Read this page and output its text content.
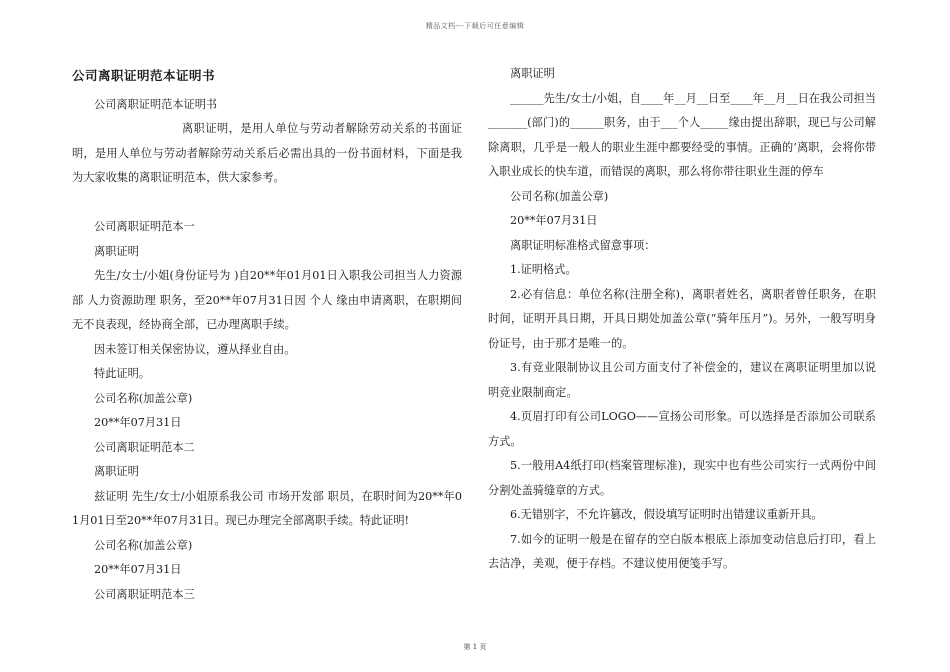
精品文档---下载后可任意编辑
公司离职证明范本证明书

公司离职证明范本证明书

离职证明，是用人单位与劳动者解除劳动关系的书面证明，是用人单位与劳动者解除劳动关系后必需出具的一份书面材料，下面是我为大家收集的离职证明范本，供大家参考。

公司离职证明范本一

离职证明

先生/女士/小姐(身份证号为 )自20**年01月01日入职我公司担当人力资源 部 人力资源助理 职务，至20**年07月31日因 个人 缘由申请离职，在职期间无不良表现，经协商全部，已办理离职手续。

因未签订相关保密协议，遵从择业自由。

特此证明。

公司名称(加盖公章)

20**年07月31日

公司离职证明范本二

离职证明

兹证明 先生/女士/小姐原系我公司 市场开发部 职员，在职时间为20**年01月01日至20**年07月31日。现已办理完全部离职手续。特此证明!

公司名称(加盖公章)

20**年07月31日

公司离职证明范本三

离职证明

______先生/女士/小姐，自____年__月__日至____年__月__日在我公司担当_______(部门)的______职务，由于___个人_____缘由提出辞职，现已与公司解除离职，几乎是一般人的职业生涯中都要经受的事情。正确的’离职，会将你带入职业成长的快车道，而错误的离职，那么将你带往职业生涯的停车

公司名称(加盖公章)

20**年07月31日

离职证明标准格式留意事项：

1.证明格式。

2.必有信息：单位名称(注册全称)，离职者姓名，离职者曾任职务，在职时间，证明开具日期，开具日期处加盖公章(“骑年压月”)。另外，一般写明身份证号，由于那才是唯一的。

3.有竞业限制协议且公司方面支付了补偿金的，建议在离职证明里加以说明竞业限制商定。

4.页眉打印有公司LOGO——宣扬公司形象。可以选择是否添加公司联系方式。

5.一般用A4纸打印(档案管理标准)，现实中也有些公司实行一式两份中间分割处盖骑缝章的方式。

6.无错别字，不允许篡改，假设填写证明时出错建议重新开具。

7.如今的证明一般是在留存的空白版本根底上添加变动信息后打印，看上去洁净，美观，便于存档。不建议使用便笺手写。

第 1 页
